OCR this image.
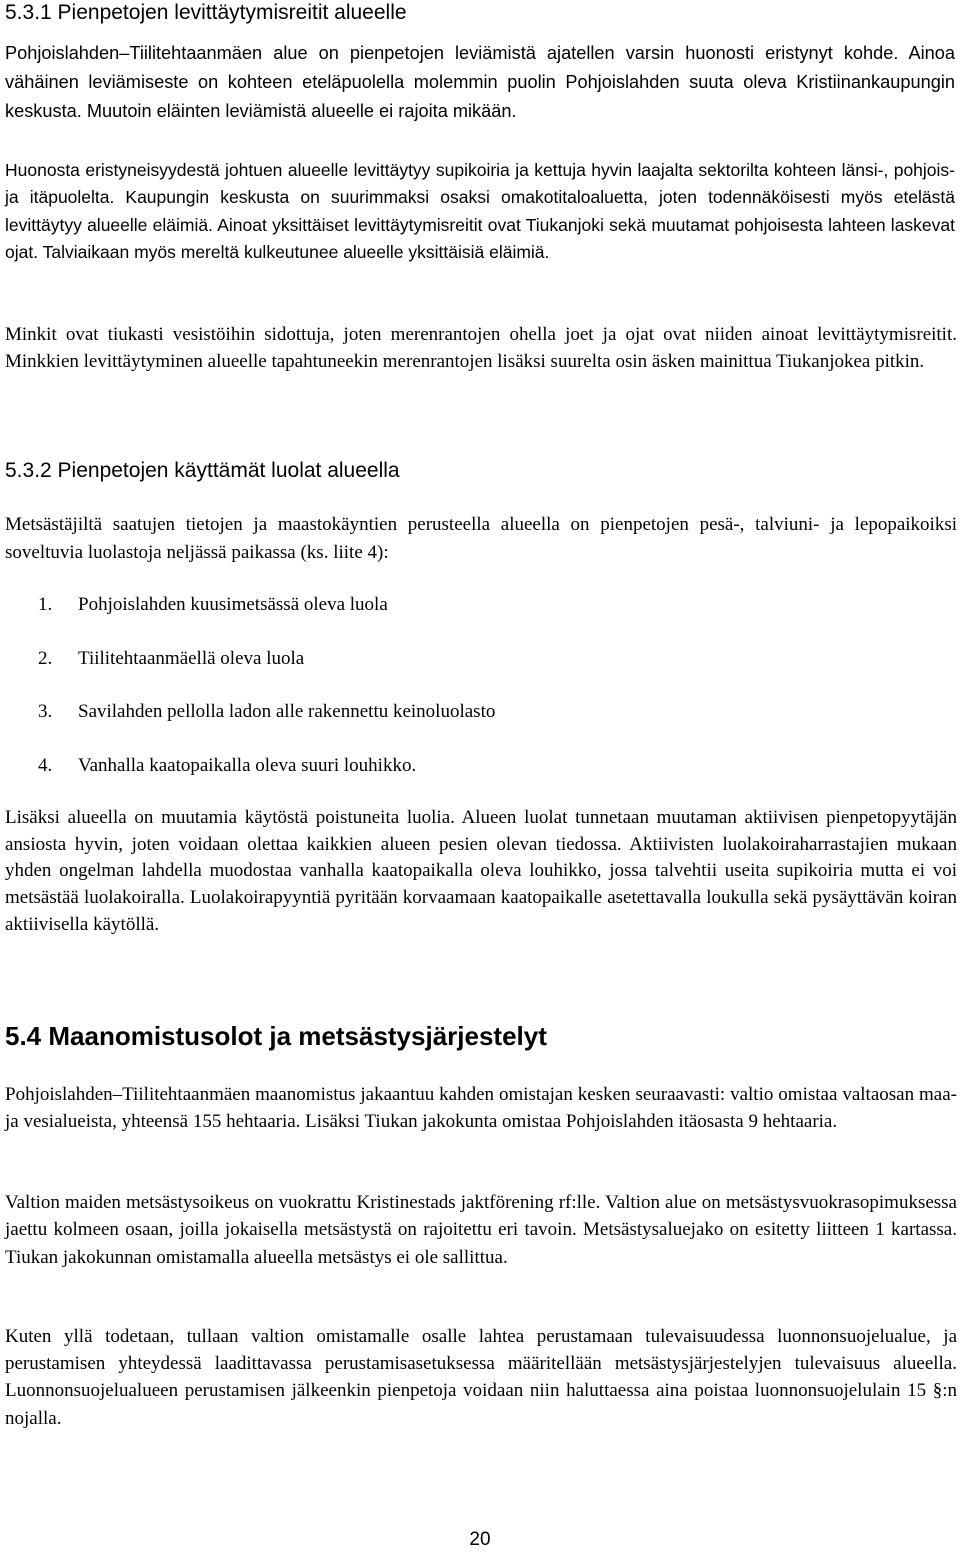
5.3.1 Pienpetojen levittäytymisreitit alueelle

Pohjoislahden–Tiilitehtaanmäen alue on pienpetojen leviämistä ajatellen varsin huonosti eristynyt kohde. Ainoa vähäinen leviämiseste on kohteen eteläpuolella molemmin puolin Pohjoislahden suuta oleva Kristiinankaupungin keskusta. Muutoin eläinten leviämistä alueelle ei rajoita mikään.

Huonosta eristyneisyydestä johtuen alueelle levittäytyy supikoiria ja kettuja hyvin laajalta sektorilta kohteen länsi-, pohjois- ja itäpuolelta. Kaupungin keskusta on suurimmaksi osaksi omakotitaloaluetta, joten todennäköisesti myös etelästä levittäytyy alueelle eläimiä. Ainoat yksittäiset levittäytymisreitit ovat Tiukanjoki sekä muutamat pohjoisesta lahteen laskevat ojat. Talviaikaan myös mereltä kulkeutunee alueelle yksittäisiä eläimiä.

Minkit ovat tiukasti vesistöihin sidottuja, joten merenrantojen ohella joet ja ojat ovat niiden ainoat levittäytymisreitit. Minkkien levittäytyminen alueelle tapahtuneekin merenrantojen lisäksi suurelta osin äsken mainittua Tiukanjokea pitkin.

5.3.2 Pienpetojen käyttämät luolat alueella

Metsästäjiltä saatujen tietojen ja maastokäyntien perusteella alueella on pienpetojen pesä-, talviuni- ja lepopaikoiksi soveltuvia luolastoja neljässä paikassa (ks. liite 4):

1. Pohjoislahden kuusimetsässä oleva luola
2. Tiilitehtaanmäellä oleva luola
3. Savilahden pellolla ladon alle rakennettu keinoluolasto
4. Vanhalla kaatopaikalla oleva suuri louhikko.

Lisäksi alueella on muutamia käytöstä poistuneita luolia. Alueen luolat tunnetaan muutaman aktiivisen pienpetopyytäjän ansiosta hyvin, joten voidaan olettaa kaikkien alueen pesien olevan tiedossa. Aktiivisten luolakoiraharrastajien mukaan yhden ongelman lahdella muodostaa vanhalla kaatopaikalla oleva louhikko, jossa talvehtii useita supikoiria mutta ei voi metsästää luolakoiralla. Luolakoirapyyntiä pyritään korvaamaan kaatopaikalle asetettavalla loukulla sekä pysäyttävän koiran aktiivisella käytöllä.

5.4 Maanomistusolot ja metsästysjärjestelyt

Pohjoislahden–Tiilitehtaanmäen maanomistus jakaantuu kahden omistajan kesken seuraavasti: valtio omistaa valtaosan maa- ja vesialueista, yhteensä 155 hehtaaria. Lisäksi Tiukan jakokunta omistaa Pohjoislahden itäosasta 9 hehtaaria.

Valtion maiden metsästysoikeus on vuokrattu Kristinestads jaktförening rf:lle. Valtion alue on metsästysvuokrasopimuksessa jaettu kolmeen osaan, joilla jokaisella metsästystä on rajoitettu eri tavoin. Metsästysaluejako on esitetty liitteen 1 kartassa. Tiukan jakokunnan omistamalla alueella metsästys ei ole sallittua.

Kuten yllä todetaan, tullaan valtion omistamalle osalle lahtea perustamaan tulevaisuudessa luonnonsuojelualue, ja perustamisen yhteydessä laadittavassa perustamisasetuksessa määritellään metsästysjärjestelyjen tulevaisuus alueella. Luonnonsuojelualueen perustamisen jälkeenkin pienpetoja voidaan niin haluttaessa aina poistaa luonnonsuojelulain 15 §:n nojalla.

20
